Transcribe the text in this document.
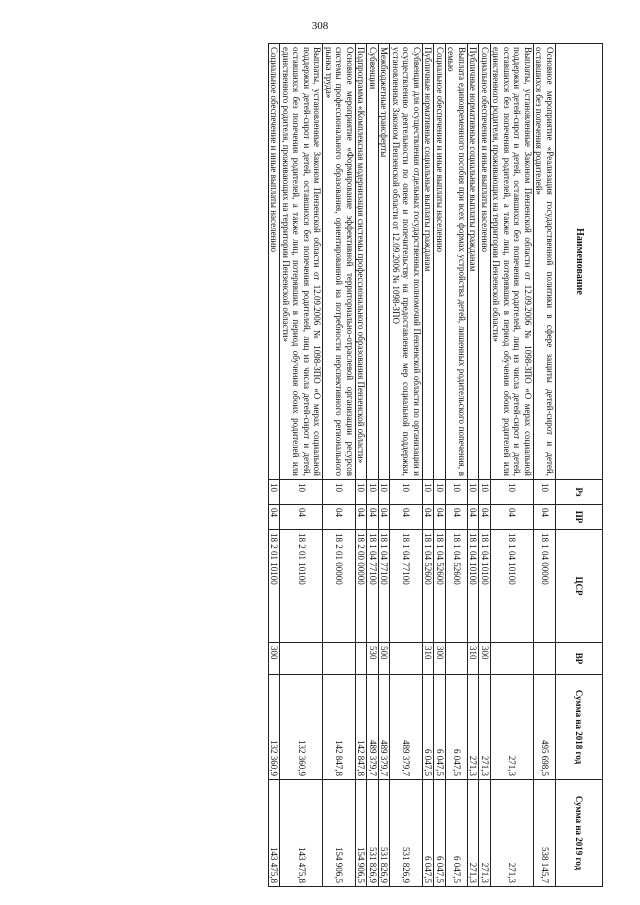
308
Наименование	Рз	ПР	ЦСР	ВР	Сумма на 2018 год	Сумма на 2019 год
Основное мероприятие «Реализация государственной политики в сфере защиты детей-сирот и детей, оставшихся без попечения родителей»	10	04	18 1 04 00000		495 698,5	538 145,7
Выплаты, установленные Законом Пензенской области от 12.09.2006 № 1098-ЗПО «О мерах социальной поддержки детей-сирот и детей, оставшихся без попечения родителей, лиц из числа детей-сирот и детей, оставшихся без попечения родителей, а также лиц, потерявших в период обучения обоих родителей или единственного родителя, проживающих на территории Пензенской области»	10	04	18 1 04 10100		271,3	271,3
Социальное обеспечение и иные выплаты населению	10	04	18 1 04 10100	300	271,3	271,3
Публичные нормативные социальные выплаты гражданам	10	04	18 1 04 10100	310	271,3	271,3
Выплата единовременного пособия при всех формах устройства детей, лишенных родительского попечения, в семью	10	04	18 1 04 52600		6 047,5	6 047,5
Социальное обеспечение и иные выплаты населению	10	04	18 1 04 52600	300	6 047,5	6 047,5
Публичные нормативные социальные выплаты гражданам	10	04	18 1 04 52600	310	6 047,5	6 047,5
Субвенция для осуществления отдельных государственных полномочий Пензенской области по организации и осуществлению деятельности по опеке и попечительству на предоставление мер социальной поддержки, установленных Законом Пензенской области от 12.09.2006 № 1098-ЗПО	10	04	18 1 04 77100		489 379,7	531 826,9
Межбюджетные трансферты	10	04	18 1 04 77100	500	489 379,7	531 826,9
Субвенции	10	04	18 1 04 77100	530	489 379,7	531 826,9
Подпрограмма «Комплексная модернизация системы профессионального образования Пензенской области»	10	04	18 2 00 00000		142 847,8	154 906,5
Основное мероприятие «Формирование эффективной территориально-отраслевой организации ресурсов системы профессионального образования, ориентированной на потребности перспективного регионального рынка труда»	10	04	18 2 01 00000		142 847,8	154 906,5
Выплаты, установленные Законом Пензенской области от 12.09.2006 № 1098-ЗПО «О мерах социальной поддержки детей-сирот и детей, оставшихся без попечения родителей, лиц из числа детей-сирот и детей, оставшихся без попечения родителей, а также лиц, потерявших в период обучения обоих родителей или единственного родителя, проживающих на территории Пензенской области»	10	04	18 2 01 10100		132 360,9	143 475,8
Социальное обеспечение и иные выплаты населению	10	04	18 2 01 10100	300	132 360,9	143 475,8
